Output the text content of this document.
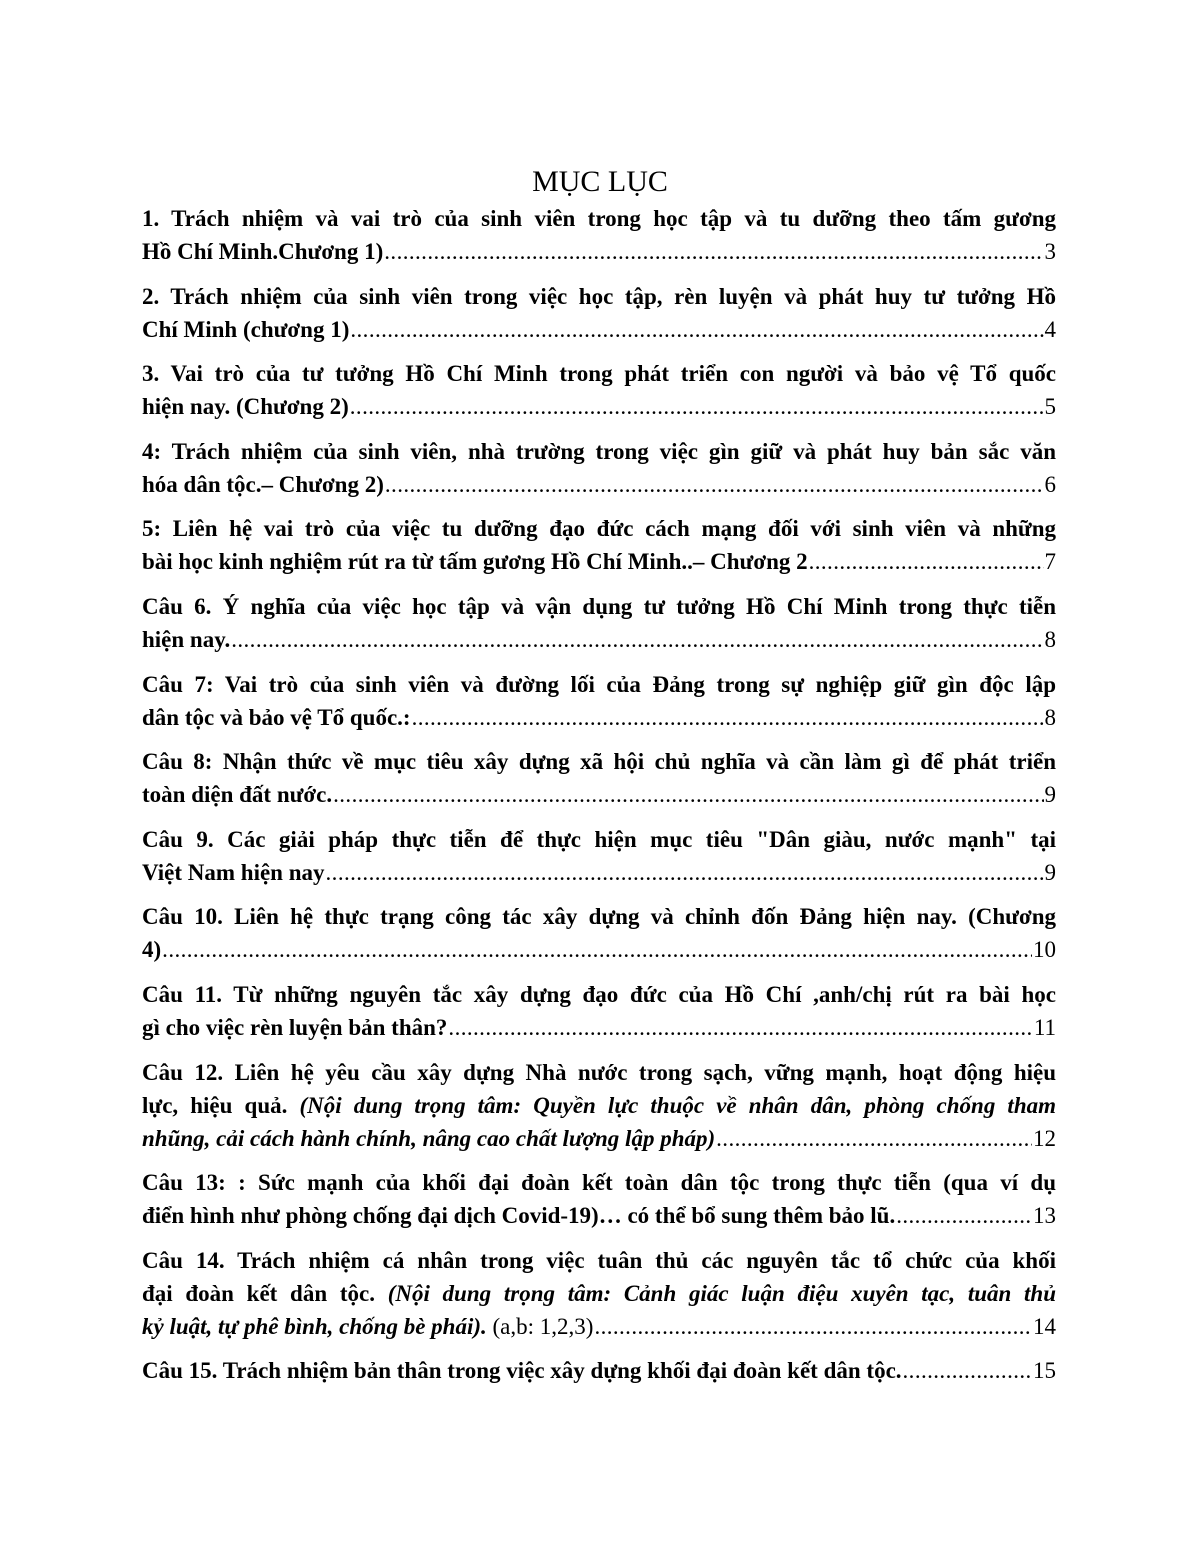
MỤC LỤC
1. Trách nhiệm và vai trò của sinh viên trong học tập và tu dưỡng theo tấm gương
Hồ Chí Minh.Chương 1) .....	3
2. Trách nhiệm của sinh viên trong việc học tập, rèn luyện và phát huy tư tưởng Hồ
Chí Minh (chương 1) .....	4
3. Vai trò của tư tưởng Hồ Chí Minh trong phát triển con người và bảo vệ Tổ quốc
hiện nay. (Chương 2) .....	5
4: Trách nhiệm của sinh viên, nhà trường trong việc gìn giữ và phát huy bản sắc văn
hóa dân tộc.– Chương 2) .....	6
5: Liên hệ vai trò của việc tu dưỡng đạo đức cách mạng đối với sinh viên và những
bài học kinh nghiệm rút ra từ tấm gương Hồ Chí Minh..– Chương 2 .....	7
Câu 6. Ý nghĩa của việc học tập và vận dụng tư tưởng Hồ Chí Minh trong thực tiễn
hiện nay. .....	8
Câu 7: Vai trò của sinh viên và đường lối của Đảng trong sự nghiệp giữ gìn độc lập
dân tộc và bảo vệ Tổ quốc.: .....	8
Câu 8: Nhận thức về mục tiêu xây dựng xã hội chủ nghĩa và cần làm gì để phát triển
toàn diện đất nước. .....	9
Câu 9. Các giải pháp thực tiễn để thực hiện mục tiêu "Dân giàu, nước mạnh" tại
Việt Nam hiện nay .....	9
Câu 10. Liên hệ thực trạng công tác xây dựng và chỉnh đốn Đảng hiện nay. (Chương
4) .....	10
Câu 11. Từ những nguyên tắc xây dựng đạo đức của Hồ Chí ,anh/chị rút ra bài học
gì cho việc rèn luyện bản thân? .....	11
Câu 12. Liên hệ yêu cầu xây dựng Nhà nước trong sạch, vững mạnh, hoạt động hiệu
lực, hiệu quả. (Nội dung trọng tâm: Quyền lực thuộc về nhân dân, phòng chống tham
nhũng, cải cách hành chính, nâng cao chất lượng lập pháp) .....	12
Câu 13: : Sức mạnh của khối đại đoàn kết toàn dân tộc trong thực tiễn (qua ví dụ
điển hình như phòng chống đại dịch Covid-19)… có thể bổ sung thêm bảo lũ. .....	13
Câu 14. Trách nhiệm cá nhân trong việc tuân thủ các nguyên tắc tổ chức của khối
đại đoàn kết dân tộc. (Nội dung trọng tâm: Cảnh giác luận điệu xuyên tạc, tuân thủ
kỷ luật, tự phê bình, chống bè phái). (a,b: 1,2,3) .....	14
Câu 15. Trách nhiệm bản thân trong việc xây dựng khối đại đoàn kết dân tộc. .....	15
